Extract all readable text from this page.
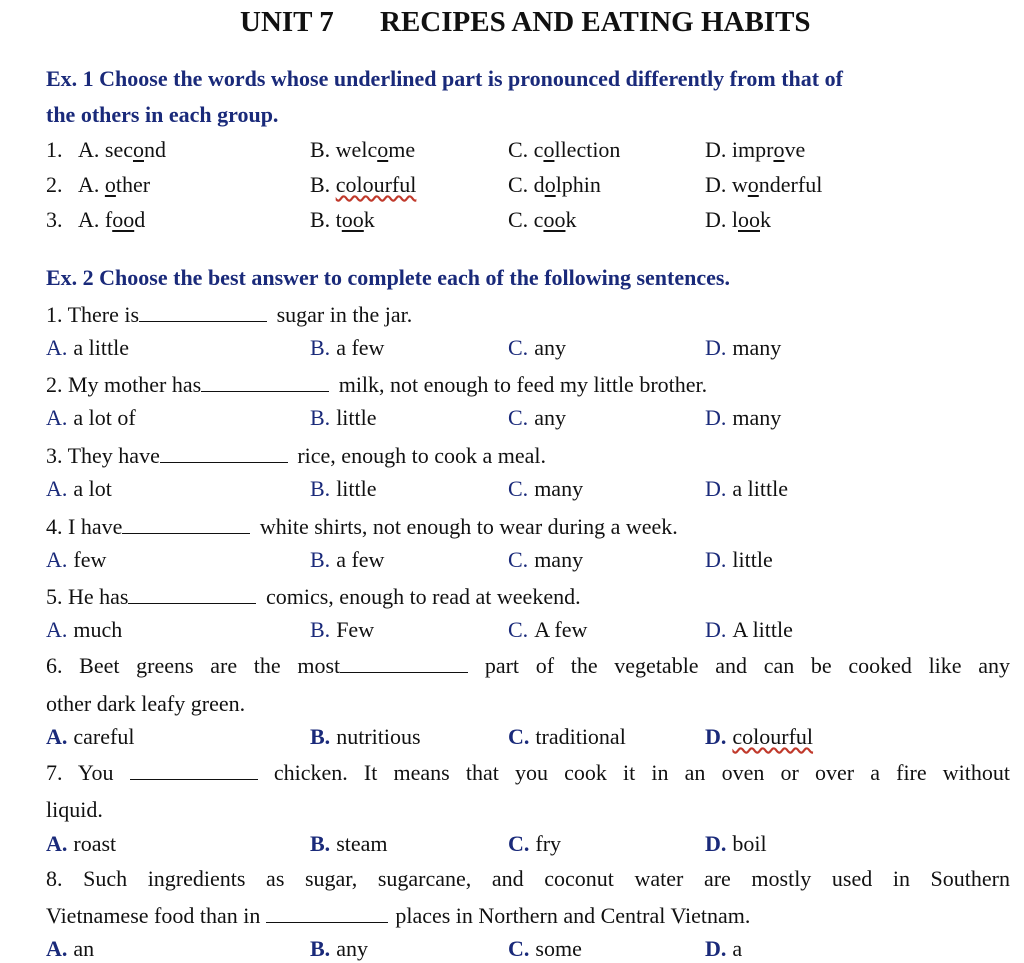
UNIT 7 RECIPES AND EATING HABITS
Ex. 1 Choose the words whose underlined part is pronounced differently from that of
the others in each group.
1. A. second	B. welcome	C. collection	D. improve
2. A. other	B. colourful	C. dolphin	D. wonderful
3. A. food	B. took	C. cook	D. look
Ex. 2 Choose the best answer to complete each of the following sentences.
1. There is	sugar in the jar.
A. a little	B. a few	C. any	D. many
2. My mother has	milk, not enough to feed my little brother.
A. a lot of	B. little	C. any	D. many
3. They have	rice, enough to cook a meal.
A. a lot	B. little	C. many	D. a little
4. I have	white shirts, not enough to wear during a week.
A. few	B. a few	C. many	D. little
5. He has	comics, enough to read at weekend.
A. much	B. Few	C. A few	D. A little
6. Beet greens are the most	part of the vegetable and can be cooked like any
other dark leafy green.
A. careful	B. nutritious	C. traditional	D. colourful
7. You	chicken. It means that you cook it in an oven or over a fire without
liquid.
A. roast	B. steam	C. fry	D. boil
8. Such ingredients as sugar, sugarcane, and coconut water are mostly used in Southern
Vietnamese food than in	places in Northern and Central Vietnam.
A. an	B. any	C. some	D. a
